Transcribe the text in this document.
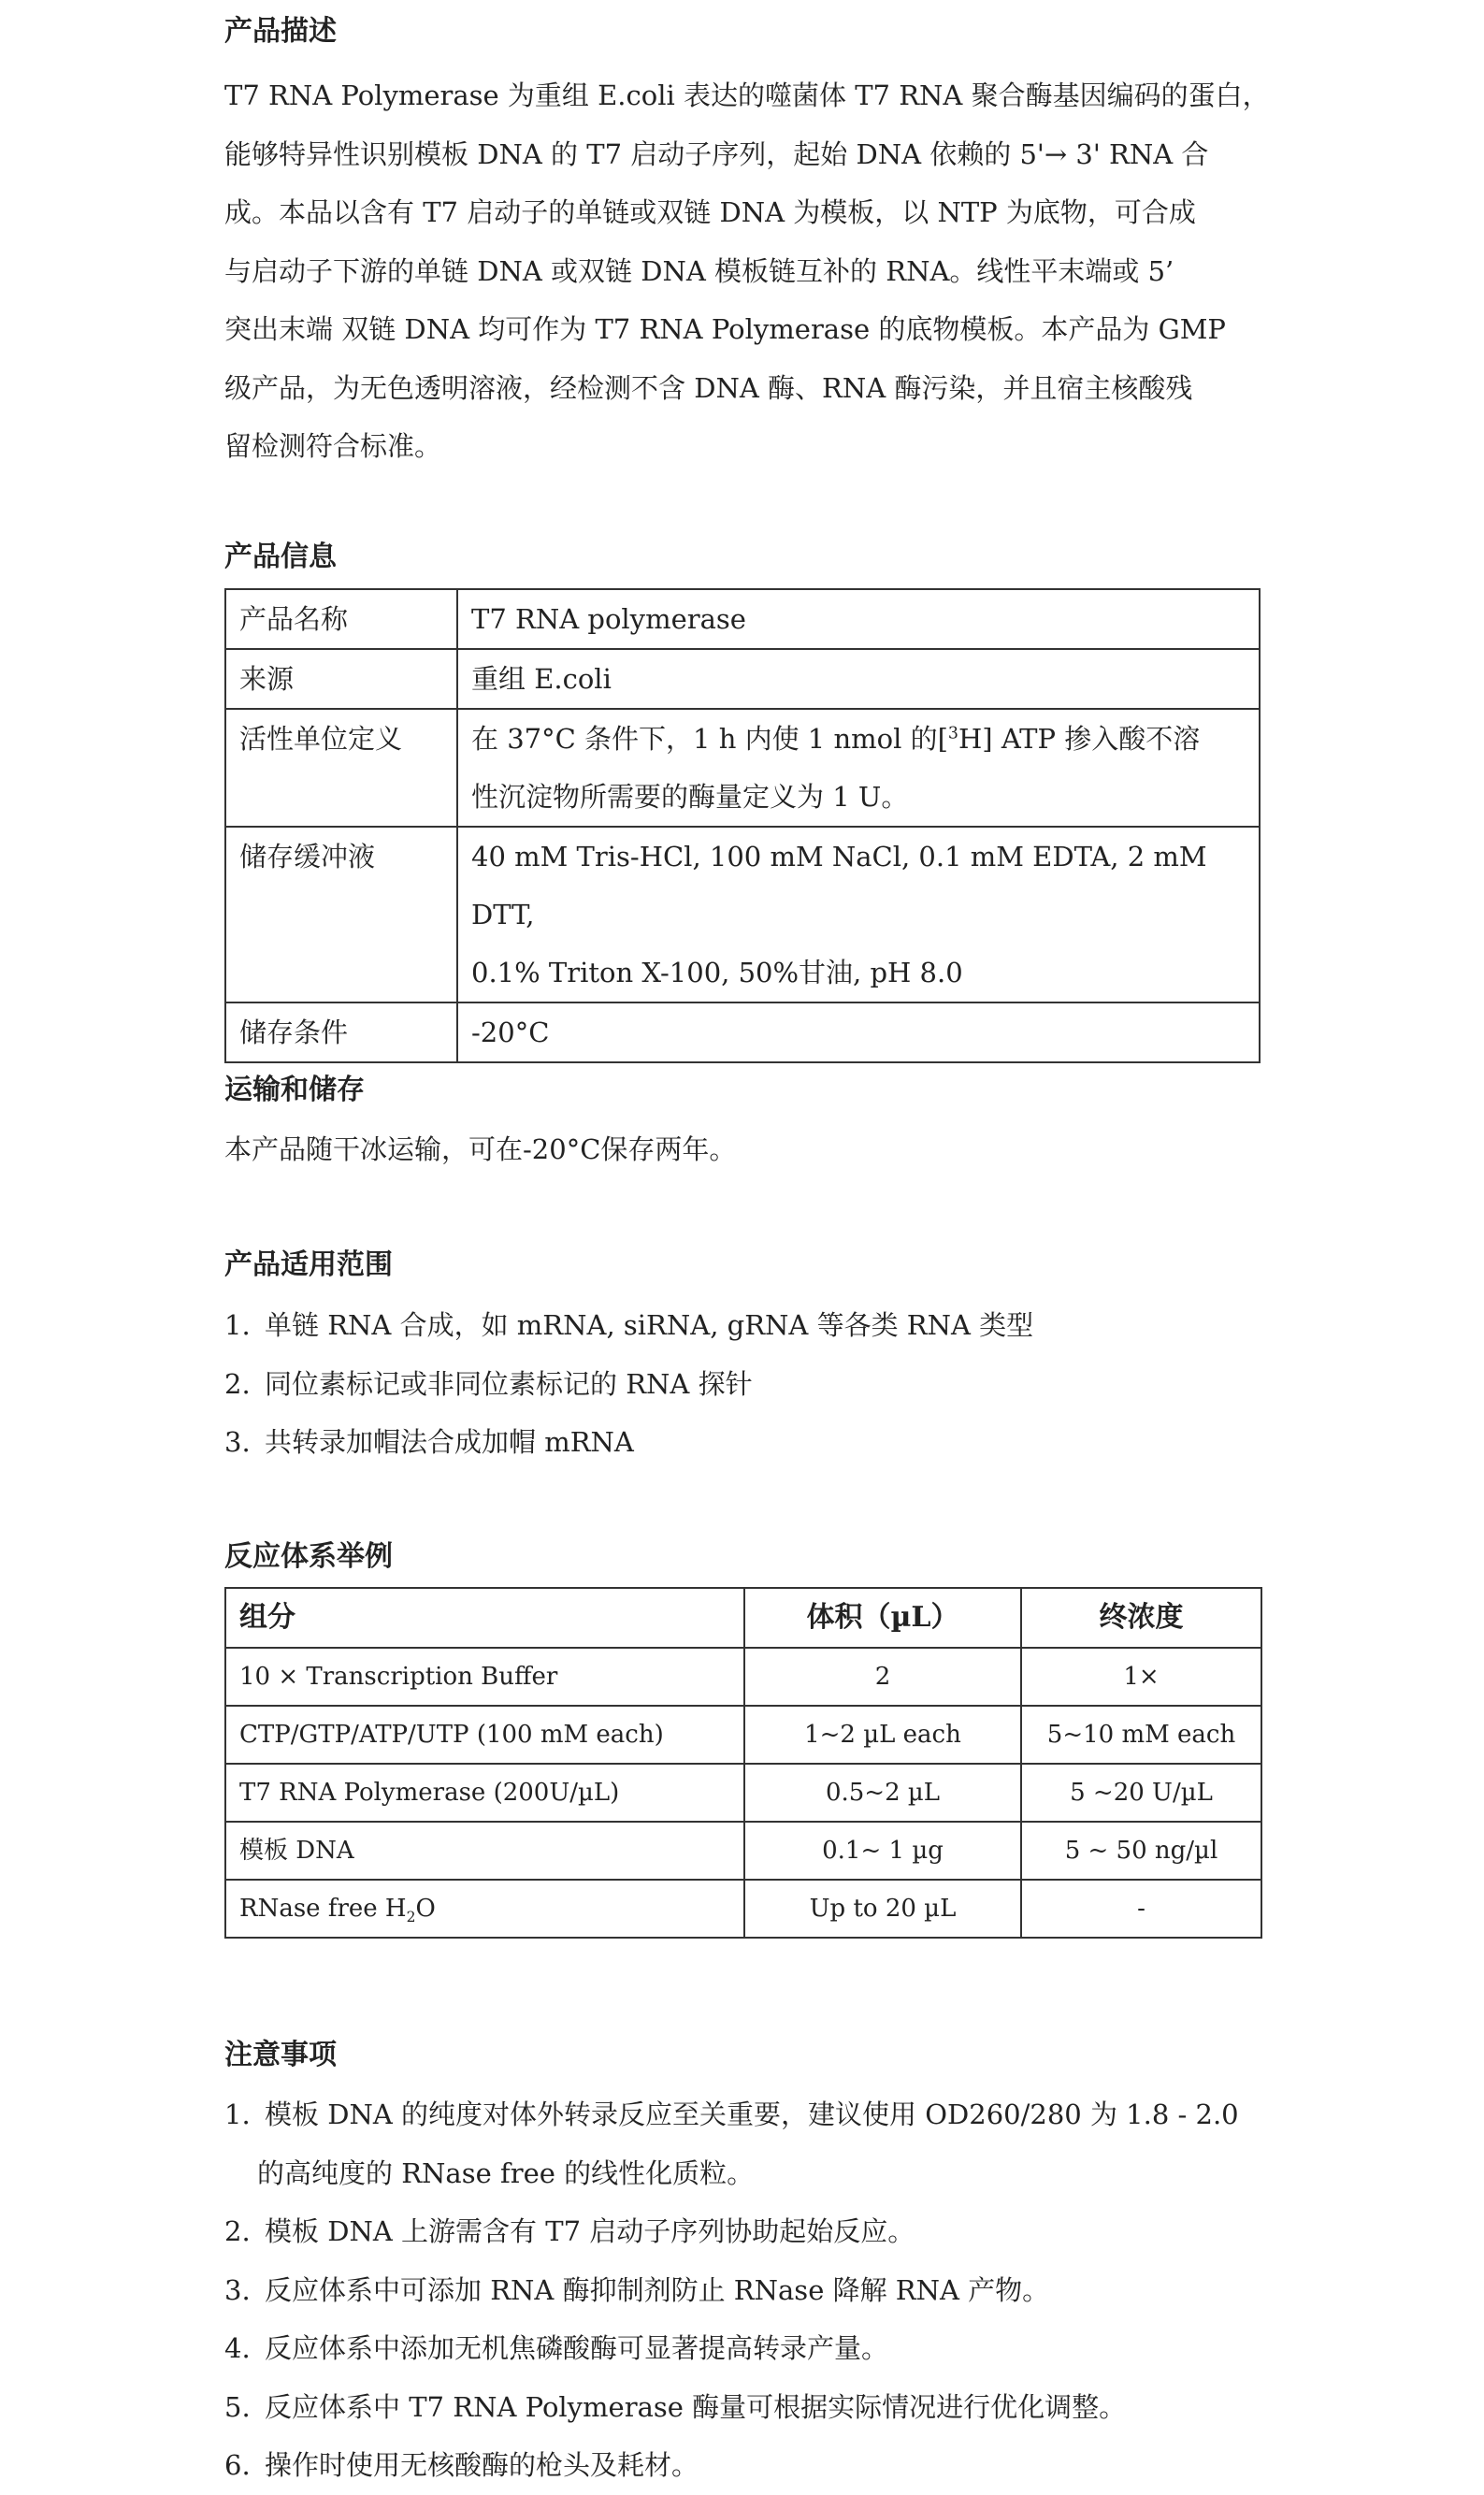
产品描述
T7 RNA Polymerase 为重组 E.coli 表达的噬菌体 T7 RNA 聚合酶基因编码的蛋白，
能够特异性识别模板 DNA 的 T7 启动子序列，起始 DNA 依赖的 5'→ 3' RNA 合
成。本品以含有 T7 启动子的单链或双链 DNA 为模板，以 NTP 为底物，可合成
与启动子下游的单链 DNA 或双链 DNA 模板链互补的 RNA。线性平末端或 5’
突出末端 双链 DNA 均可作为 T7 RNA Polymerase 的底物模板。本产品为 GMP
级产品，为无色透明溶液，经检测不含 DNA 酶、RNA 酶污染，并且宿主核酸残
留检测符合标准。
产品信息
产品名称	T7 RNA polymerase
来源	重组 E.coli
活性单位定义	在 37°C 条件下，1 h 内使 1 nmol 的[$^3$H] ATP 掺入酸不溶
性沉淀物所需要的酶量定义为 1 U。
储存缓冲液	40 mM Tris-HCl, 100 mM NaCl, 0.1 mM EDTA, 2 mM DTT,
0.1% Triton X-100, 50%甘油, pH 8.0
储存条件	-20°C
运输和储存
本产品随干冰运输，可在-20°C保存两年。
产品适用范围
1. 单链 RNA 合成，如 mRNA, siRNA, gRNA 等各类 RNA 类型
2. 同位素标记或非同位素标记的 RNA 探针
3. 共转录加帽法合成加帽 mRNA
反应体系举例
组分	体积（µL）	终浓度
10 × Transcription Buffer	2	1×
CTP/GTP/ATP/UTP (100 mM each)	1~2 µL each	5~10 mM each
T7 RNA Polymerase (200U/µL)	0.5~2 µL	5 ~20 U/µL
模板 DNA	0.1~ 1 µg	5 ~ 50 ng/µl
RNase free $H_2O$	Up to 20 µL	-
注意事项
1. 模板 DNA 的纯度对体外转录反应至关重要，建议使用 OD260/280 为 1.8 - 2.0
的高纯度的 RNase free 的线性化质粒。
2. 模板 DNA 上游需含有 T7 启动子序列协助起始反应。
3. 反应体系中可添加 RNA 酶抑制剂防止 RNase 降解 RNA 产物。
4. 反应体系中添加无机焦磷酸酶可显著提高转录产量。
5. 反应体系中 T7 RNA Polymerase 酶量可根据实际情况进行优化调整。
6. 操作时使用无核酸酶的枪头及耗材。
